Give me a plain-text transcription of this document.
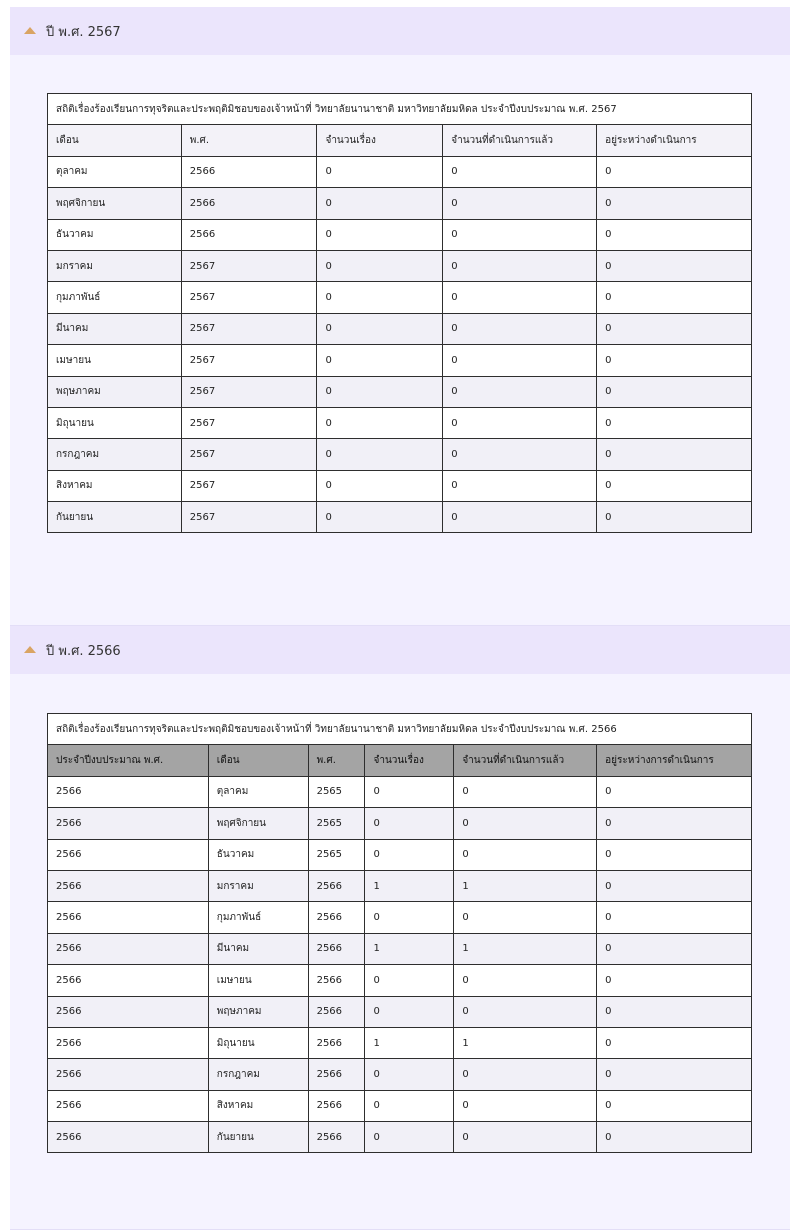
ปี พ.ศ. 2567
สถิติเรื่องร้องเรียนการทุจริตและประพฤติมิชอบของเจ้าหน้าที่ วิทยาลัยนานาชาติ มหาวิทยาลัยมหิดล ประจำปีงบประมาณ พ.ศ. 2567				
เดือน	พ.ศ.	จำนวนเรื่อง	จำนวนที่ดำเนินการแล้ว	อยู่ระหว่างดำเนินการ
ตุลาคม	2566	0	0	0
พฤศจิกายน	2566	0	0	0
ธันวาคม	2566	0	0	0
มกราคม	2567	0	0	0
กุมภาพันธ์	2567	0	0	0
มีนาคม	2567	0	0	0
เมษายน	2567	0	0	0
พฤษภาคม	2567	0	0	0
มิถุนายน	2567	0	0	0
กรกฎาคม	2567	0	0	0
สิงหาคม	2567	0	0	0
กันยายน	2567	0	0	0
ปี พ.ศ. 2566
สถิติเรื่องร้องเรียนการทุจริตและประพฤติมิชอบของเจ้าหน้าที่ วิทยาลัยนานาชาติ มหาวิทยาลัยมหิดล ประจำปีงบประมาณ พ.ศ. 2566					
ประจำปีงบประมาณ พ.ศ.	เดือน	พ.ศ.	จำนวนเรื่อง	จำนวนที่ดำเนินการแล้ว	อยู่ระหว่างการดำเนินการ
2566	ตุลาคม	2565	0	0	0
2566	พฤศจิกายน	2565	0	0	0
2566	ธันวาคม	2565	0	0	0
2566	มกราคม	2566	1	1	0
2566	กุมภาพันธ์	2566	0	0	0
2566	มีนาคม	2566	1	1	0
2566	เมษายน	2566	0	0	0
2566	พฤษภาคม	2566	0	0	0
2566	มิถุนายน	2566	1	1	0
2566	กรกฎาคม	2566	0	0	0
2566	สิงหาคม	2566	0	0	0
2566	กันยายน	2566	0	0	0
